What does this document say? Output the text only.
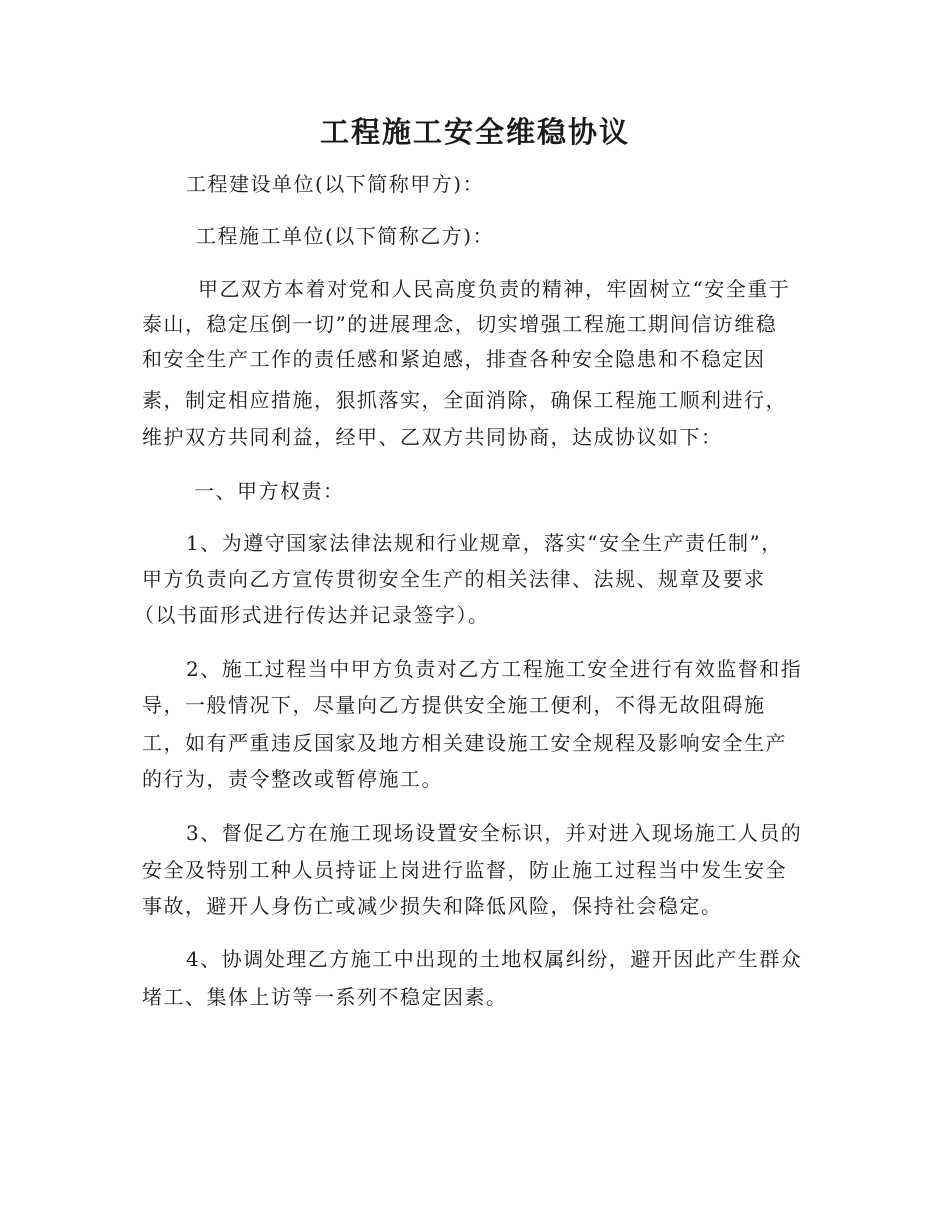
工程施工安全维稳协议
工程建设单位(以下简称甲方)：
工程施工单位(以下简称乙方)：
甲乙双方本着对党和人民高度负责的精神，牢固树立“安全重于
泰山，稳定压倒一切”的进展理念，切实增强工程施工期间信访维稳
和安全生产工作的责任感和紧迫感，排查各种安全隐患和不稳定因
素，制定相应措施，狠抓落实，全面消除，确保工程施工顺利进行，
维护双方共同利益，经甲、乙双方共同协商，达成协议如下：
一、甲方权责：
1、为遵守国家法律法规和行业规章，落实“安全生产责任制”，
甲方负责向乙方宣传贯彻安全生产的相关法律、法规、规章及要求
（以书面形式进行传达并记录签字）。
2、施工过程当中甲方负责对乙方工程施工安全进行有效监督和指
导，一般情况下，尽量向乙方提供安全施工便利，不得无故阻碍施
工，如有严重违反国家及地方相关建设施工安全规程及影响安全生产
的行为，责令整改或暂停施工。
3、督促乙方在施工现场设置安全标识，并对进入现场施工人员的
安全及特别工种人员持证上岗进行监督，防止施工过程当中发生安全
事故，避开人身伤亡或减少损失和降低风险，保持社会稳定。
4、协调处理乙方施工中出现的土地权属纠纷，避开因此产生群众
堵工、集体上访等一系列不稳定因素。
